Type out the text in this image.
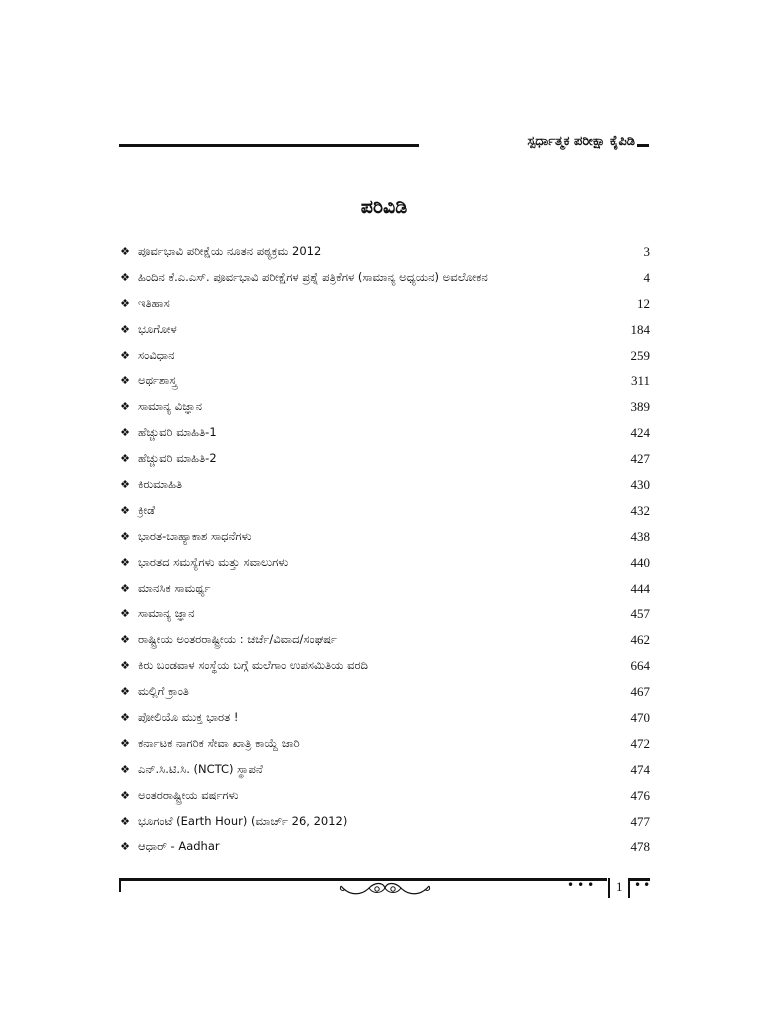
ಸ್ಪರ್ಧಾತ್ಮಕ ಪರೀಕ್ಷಾ ಕೈಪಿಡಿ
ಪರಿವಿಡಿ
❖ ಪೂರ್ವಭಾವಿ ಪರೀಕ್ಷೆಯ ನೂತನ ಪಠ್ಯಕ್ರಮ 2012	3
❖ ಹಿಂದಿನ ಕೆ.ಎ.ಎಸ್. ಪೂರ್ವಭಾವಿ ಪರೀಕ್ಷೆಗಳ ಪ್ರಶ್ನೆ ಪತ್ರಿಕೆಗಳ (ಸಾಮಾನ್ಯ ಅಧ್ಯಯನ) ಅವಲೋಕನ	4
❖ ಇತಿಹಾಸ	12
❖ ಭೂಗೋಳ	184
❖ ಸಂವಿಧಾನ	259
❖ ಅರ್ಥಶಾಸ್ತ್ರ	311
❖ ಸಾಮಾನ್ಯ ವಿಜ್ಞಾನ	389
❖ ಹೆಚ್ಚುವರಿ ಮಾಹಿತಿ-1	424
❖ ಹೆಚ್ಚುವರಿ ಮಾಹಿತಿ-2	427
❖ ಕಿರುಮಾಹಿತಿ	430
❖ ಕ್ರೀಡೆ	432
❖ ಭಾರತ-ಬಾಹ್ಯಾಕಾಶ ಸಾಧನೆಗಳು	438
❖ ಭಾರತದ ಸಮಸ್ಯೆಗಳು ಮತ್ತು ಸವಾಲುಗಳು	440
❖ ಮಾನಸಿಕ ಸಾಮರ್ಥ್ಯ	444
❖ ಸಾಮಾನ್ಯ ಜ್ಞಾನ	457
❖ ರಾಷ್ಟ್ರೀಯ ಅಂತರರಾಷ್ಟ್ರೀಯ : ಚರ್ಚೆ/ವಿವಾದ/ಸಂಘರ್ಷ	462
❖ ಕಿರು ಬಂಡವಾಳ ಸಂಸ್ಥೆಯ ಬಗ್ಗೆ ಮಲೆಗಾಂ ಉಪಸಮಿತಿಯ ವರದಿ	664
❖ ಮಲ್ಲಿಗೆ ಕ್ರಾಂತಿ	467
❖ ಪೋಲಿಯೊ ಮುಕ್ತ ಭಾರತ !	470
❖ ಕರ್ನಾಟಕ ನಾಗರಿಕ ಸೇವಾ ಖಾತ್ರಿ ಕಾಯ್ದೆ ಜಾರಿ	472
❖ ಎನ್.ಸಿ.ಟಿ.ಸಿ. (NCTC) ಸ್ಥಾಪನೆ	474
❖ ಅಂತರರಾಷ್ಟ್ರೀಯ ವರ್ಷಗಳು	476
❖ ಭೂಗಂಟೆ (Earth Hour) (ಮಾರ್ಚ್ 26, 2012)	477
❖ ಆಧಾರ್ - Aadhar	478
••• 1 ••
